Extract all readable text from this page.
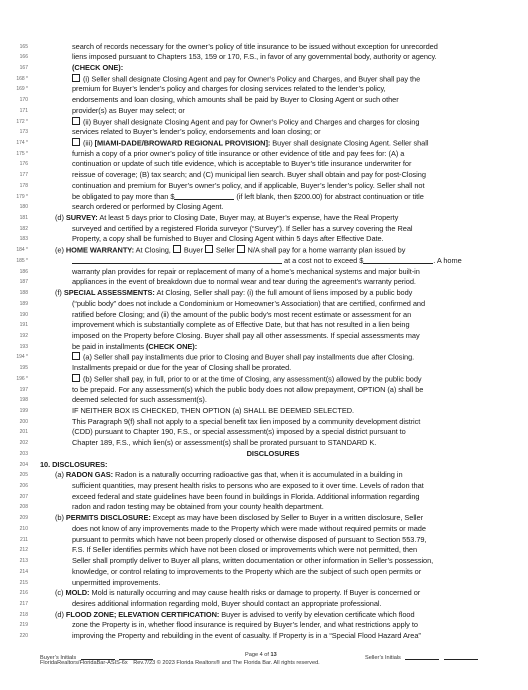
165	search of records necessary for the owner’s policy of title insurance to be issued without exception for unrecorded
166	liens imposed pursuant to Chapters 153, 159 or 170, F.S., in favor of any governmental body, authority or agency.
167	(CHECK ONE):
168 *	(i) Seller shall designate Closing Agent and pay for Owner’s Policy and Charges, and Buyer shall pay the
169 *	premium for Buyer’s lender’s policy and charges for closing services related to the lender’s policy,
170	endorsements and loan closing, which amounts shall be paid by Buyer to Closing Agent or such other
171	provider(s) as Buyer may select; or
172 *	(ii) Buyer shall designate Closing Agent and pay for Owner’s Policy and Charges and charges for closing
173	services related to Buyer’s lender’s policy, endorsements and loan closing; or
174 *	(iii) [MIAMI-DADE/BROWARD REGIONAL PROVISION]: Buyer shall designate Closing Agent. Seller shall
175 *	furnish a copy of a prior owner’s policy of title insurance or other evidence of title and pay fees for: (A) a
176	continuation or update of such title evidence, which is acceptable to Buyer’s title insurance underwriter for
177	reissue of coverage; (B) tax search; and (C) municipal lien search. Buyer shall obtain and pay for post-Closing
178	continuation and premium for Buyer’s owner’s policy, and if applicable, Buyer’s lender’s policy. Seller shall not
179 *	be obligated to pay more than $	(if left blank, then $200.00) for abstract continuation or title
180	search ordered or performed by Closing Agent.
181	(d) SURVEY: At least 5 days prior to Closing Date, Buyer may, at Buyer’s expense, have the Real Property
182	surveyed and certified by a registered Florida surveyor (“Survey”). If Seller has a survey covering the Real
183	Property, a copy shall be furnished to Buyer and Closing Agent within 5 days after Effective Date.
184 *	(e) HOME WARRANTY: At Closing,  Buyer  Seller  N/A shall pay for a home warranty plan issued by
185 *	at a cost not to exceed $	. A home
186	warranty plan provides for repair or replacement of many of a home’s mechanical systems and major built-in
187	appliances in the event of breakdown due to normal wear and tear during the agreement’s warranty period.
188	(f) SPECIAL ASSESSMENTS: At Closing, Seller shall pay: (i) the full amount of liens imposed by a public body
189	(“public body” does not include a Condominium or Homeowner’s Association) that are certified, confirmed and
190	ratified before Closing; and (ii) the amount of the public body’s most recent estimate or assessment for an
191	improvement which is substantially complete as of Effective Date, but that has not resulted in a lien being
192	imposed on the Property before Closing. Buyer shall pay all other assessments. If special assessments may
193	be paid in installments (CHECK ONE):
194 *	(a) Seller shall pay installments due prior to Closing and Buyer shall pay installments due after Closing.
195	Installments prepaid or due for the year of Closing shall be prorated.
196 *	(b) Seller shall pay, in full, prior to or at the time of Closing, any assessment(s) allowed by the public body
197	to be prepaid. For any assessment(s) which the public body does not allow prepayment, OPTION (a) shall be
198	deemed selected for such assessment(s).
199	IF NEITHER BOX IS CHECKED, THEN OPTION (a) SHALL BE DEEMED SELECTED.
200	This Paragraph 9(f) shall not apply to a special benefit tax lien imposed by a community development district
201	(CDD) pursuant to Chapter 190, F.S., or special assessment(s) imposed by a special district pursuant to
202	Chapter 189, F.S., which lien(s) or assessment(s) shall be prorated pursuant to STANDARD K.
203	DISCLOSURES
204 10. DISCLOSURES:
205	(a) RADON GAS: Radon is a naturally occurring radioactive gas that, when it is accumulated in a building in
206	sufficient quantities, may present health risks to persons who are exposed to it over time. Levels of radon that
207	exceed federal and state guidelines have been found in buildings in Florida. Additional information regarding
208	radon and radon testing may be obtained from your county health department.
209	(b) PERMITS DISCLOSURE: Except as may have been disclosed by Seller to Buyer in a written disclosure, Seller
210	does not know of any improvements made to the Property which were made without required permits or made
211	pursuant to permits which have not been properly closed or otherwise disposed of pursuant to Section 553.79,
212	F.S. If Seller identifies permits which have not been closed or improvements which were not permitted, then
213	Seller shall promptly deliver to Buyer all plans, written documentation or other information in Seller’s possession,
214	knowledge, or control relating to improvements to the Property which are the subject of such open permits or
215	unpermitted improvements.
216	(c) MOLD: Mold is naturally occurring and may cause health risks or damage to property. If Buyer is concerned or
217	desires additional information regarding mold, Buyer should contact an appropriate professional.
218	(d) FLOOD ZONE; ELEVATION CERTIFICATION: Buyer is advised to verify by elevation certificate which flood
219	zone the Property is in, whether flood insurance is required by Buyer’s lender, and what restrictions apply to
220	improving the Property and rebuilding in the event of casualty. If Property is in a “Special Flood Hazard Area”
Buyer’s Initials	Page 4 of 13	Seller’s Initials
FloridaRealtors/FloridaBar-ASIS-6x Rev.7/23 © 2023 Florida Realtors® and The Florida Bar. All rights reserved.
